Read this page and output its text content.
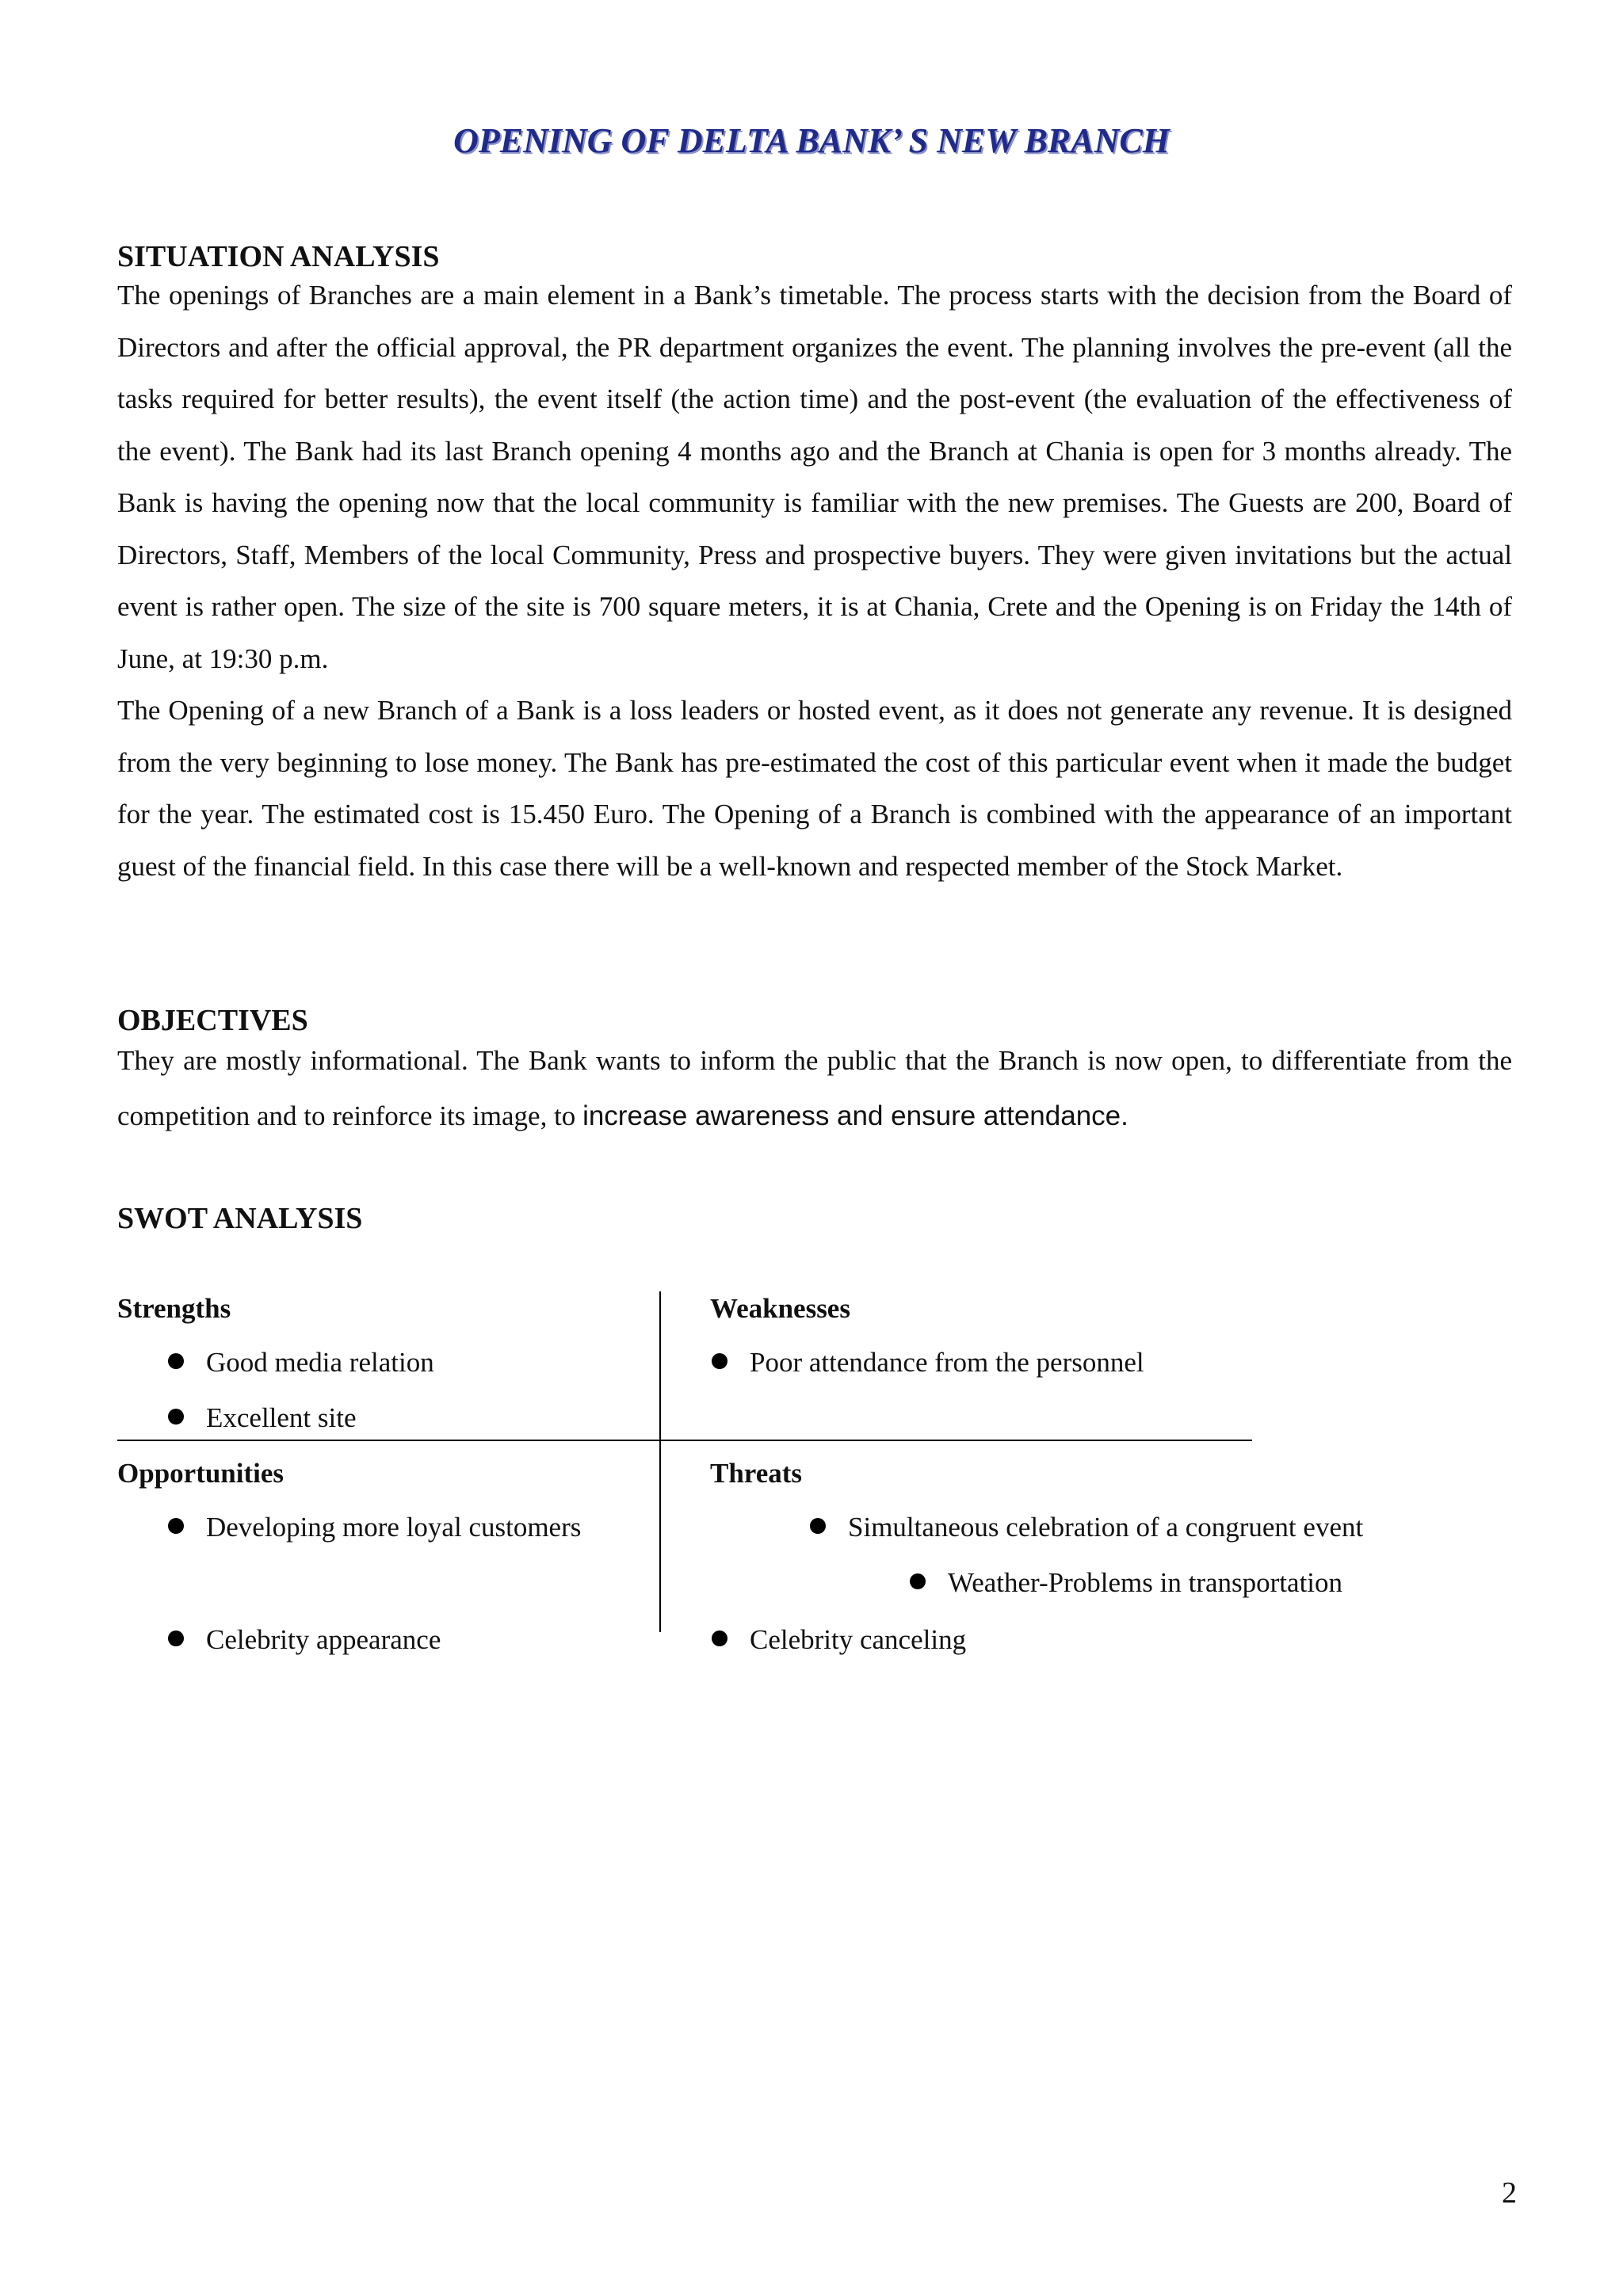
OPENING OF DELTA BANK’ S NEW BRANCH
SITUATION ANALYSIS
The openings of Branches are a main element in a Bank’s timetable. The process starts with the decision from the Board of Directors and after the official approval, the PR department organizes the event. The planning involves the pre-event (all the tasks required for better results), the event itself (the action time) and the post-event (the evaluation of the effectiveness of the event). The Bank had its last Branch opening 4 months ago and the Branch at Chania is open for 3 months already. The Bank is having the opening now that the local community is familiar with the new premises. The Guests are 200, Board of Directors, Staff, Members of the local Community, Press and prospective buyers. They were given invitations but the actual event is rather open. The size of the site is 700 square meters, it is at Chania, Crete and the Opening is on Friday the 14th of June, at 19:30 p.m.
The Opening of a new Branch of a Bank is a loss leaders or hosted event, as it does not generate any revenue. It is designed from the very beginning to lose money. The Bank has pre-estimated the cost of this particular event when it made the budget for the year. The estimated cost is 15.450 Euro. The Opening of a Branch is combined with the appearance of an important guest of the financial field. In this case there will be a well-known and respected member of the Stock Market.
OBJECTIVES
They are mostly informational. The Bank wants to inform the public that the Branch is now open, to differentiate from the competition and to reinforce its image, to increase awareness and ensure attendance.
SWOT ANALYSIS
Strengths
Good media relation
Excellent site
Weaknesses
Poor attendance from the personnel
Opportunities
Developing more loyal customers
Celebrity appearance
Threats
Simultaneous celebration of a congruent event
Weather-Problems in transportation
Celebrity canceling
2
